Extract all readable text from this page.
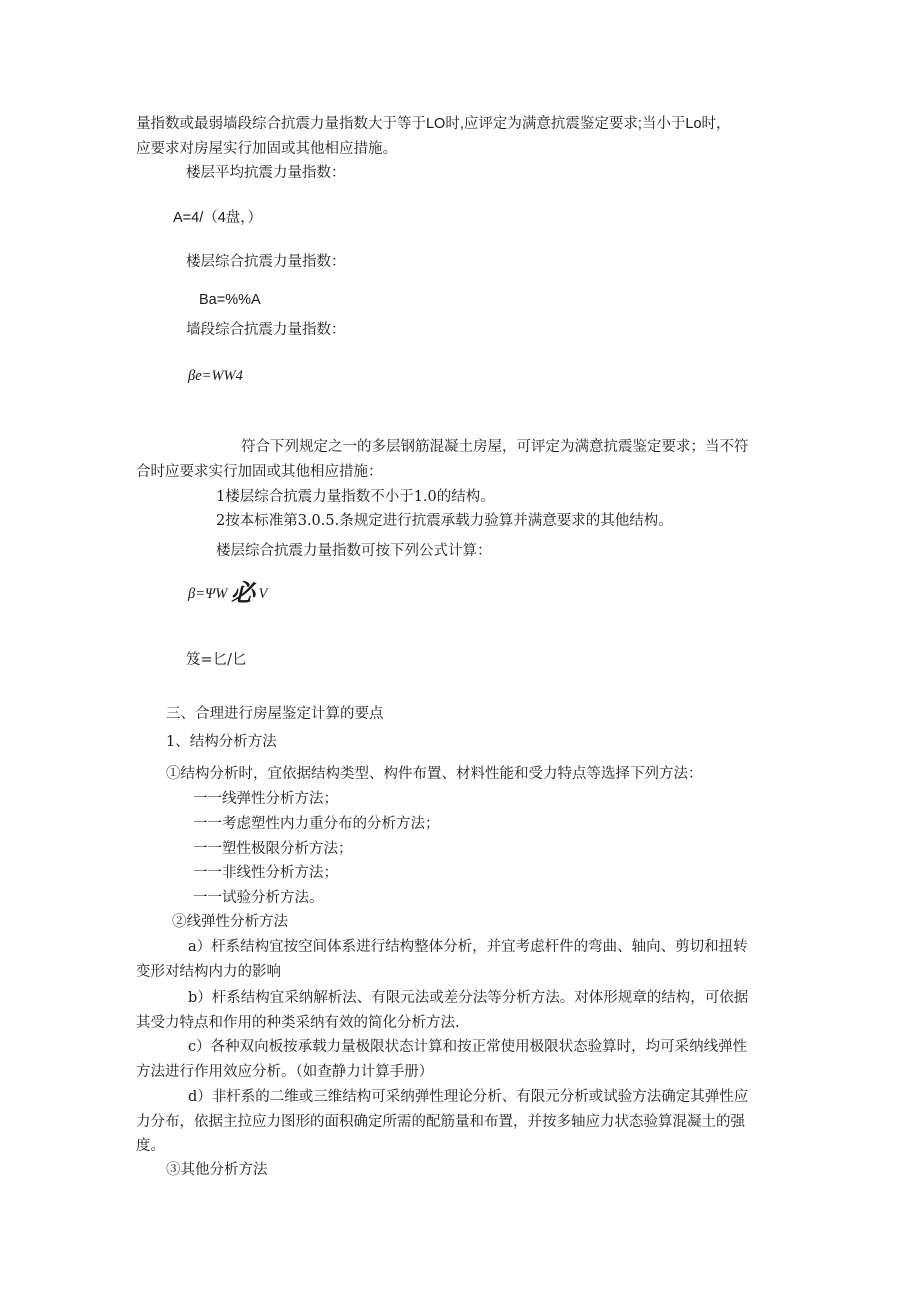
量指数或最弱墙段综合抗震力量指数大于等于LO时,应评定为满意抗震鉴定要求;当小于Lo时，
应要求对房屋实行加固或其他相应措施。
楼层平均抗震力量指数：
A=4/（4盘，）
楼层综合抗震力量指数：
Ba=%%A
墙段综合抗震力量指数：
βe=WW4
符合下列规定之一的多层钢筋混凝土房屋，可评定为满意抗震鉴定要求；当不符
合时应要求实行加固或其他相应措施：
1楼层综合抗震力量指数不小于1.0的结构。
2按本标准第3.0.5.条规定进行抗震承载力验算并满意要求的其他结构。
楼层综合抗震力量指数可按下列公式计算：
β=ΨW 必 V
笈=匕/匕
三、合理进行房屋鉴定计算的要点
1、结构分析方法
①结构分析时，宜依据结构类型、构件布置、材料性能和受力特点等选择下列方法：
一一线弹性分析方法；
一一考虑塑性内力重分布的分析方法；
一一塑性极限分析方法；
一一非线性分析方法；
一一试验分析方法。
②线弹性分析方法
a）杆系结构宜按空间体系进行结构整体分析，并宜考虑杆件的弯曲、轴向、剪切和扭转
变形对结构内力的影响
b）杆系结构宜采纳解析法、有限元法或差分法等分析方法。对体形规章的结构，可依据
其受力特点和作用的种类采纳有效的简化分析方法.
c）各种双向板按承载力量极限状态计算和按正常使用极限状态验算时，均可采纳线弹性
方法进行作用效应分析。（如查静力计算手册）
d）非杆系的二维或三维结构可采纳弹性理论分析、有限元分析或试验方法确定其弹性应
力分布，依据主拉应力图形的面积确定所需的配筋量和布置，并按多轴应力状态验算混凝土的强
度。
③其他分析方法
